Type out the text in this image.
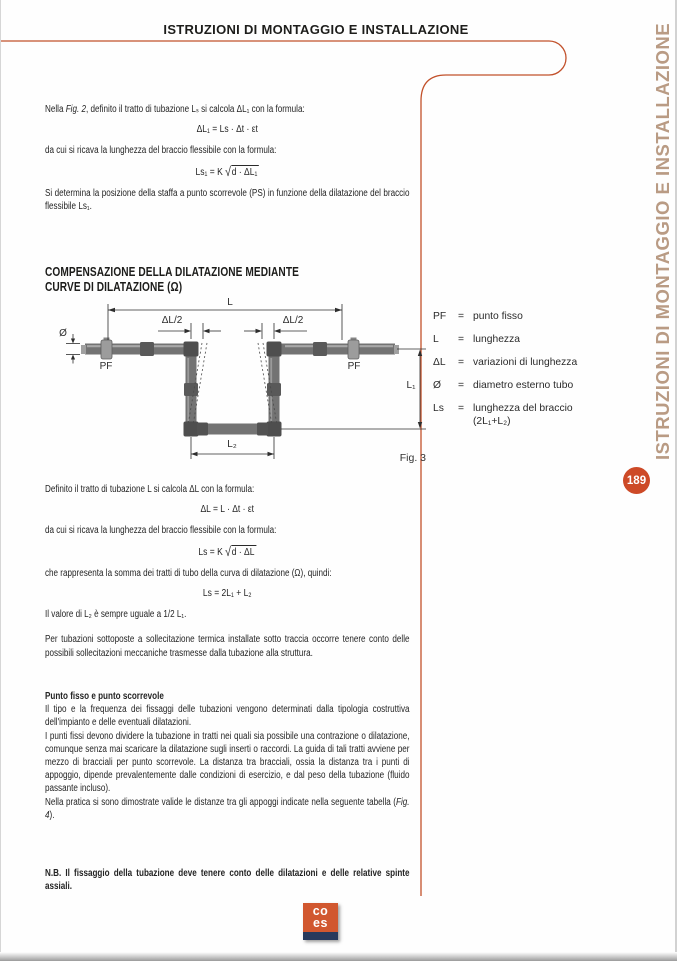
ISTRUZIONI DI MONTAGGIO E INSTALLAZIONE

Nella Fig. 2, definito il tratto di tubazione Lₛ si calcola ΔL₁ con la formula:

ΔL₁ = Ls · Δt · εt

da cui si ricava la lunghezza del braccio flessibile con la formula:

Ls₁ = K √d · ΔL₁

Si determina la posizione della staffa a punto scorrevole (PS) in funzione della dilatazione del braccio flessibile Ls₁.

COMPENSAZIONE DELLA DILATAZIONE MEDIANTE
CURVE DI DILATAZIONE (Ω)

Definito il tratto di tubazione L si calcola ΔL con la formula:

ΔL = L · Δt · εt

da cui si ricava la lunghezza del braccio flessibile con la formula:

Ls = K √d · ΔL

che rappresenta la somma dei tratti di tubo della curva di dilatazione (Ω), quindi:

Ls = 2L₁ + L₂

Il valore di L₂ è sempre uguale a 1/2 L₁.

Per tubazioni sottoposte a sollecitazione termica installate sotto traccia occorre tenere conto delle possibili sollecitazioni meccaniche trasmesse dalla tubazione alla struttura.

Punto fisso e punto scorrevole

Il tipo e la frequenza dei fissaggi delle tubazioni vengono determinati dalla tipologia costruttiva dell'impianto e delle eventuali dilatazioni.

I punti fissi devono dividere la tubazione in tratti nei quali sia possibile una contrazione o dilatazione, comunque senza mai scaricare la dilatazione sugli inserti o raccordi. La guida di tali tratti avviene per mezzo di bracciali per punto scorrevole. La distanza tra bracciali, ossia la distanza tra i punti di appoggio, dipende prevalentemente dalle condizioni di esercizio, e dal peso della tubazione (fluido passante incluso).

Nella pratica si sono dimostrate valide le distanze tra gli appoggi indicate nella seguente tabella (Fig. 4).

N.B. Il fissaggio della tubazione deve tenere conto delle dilatazioni e delle relative spinte assiali.

L
ΔL/2	ΔL/2
Ø
PF	PF
L₁
L₂
Fig. 3
PF	= punto fisso
L	= lunghezza
ΔL	= variazioni di lunghezza
Ø	= diametro esterno tubo
Ls	= lunghezza del braccio
(2L₁+L₂)
189
ISTRUZIONI DI MONTAGGIO E INSTALLAZIONE
co
es
